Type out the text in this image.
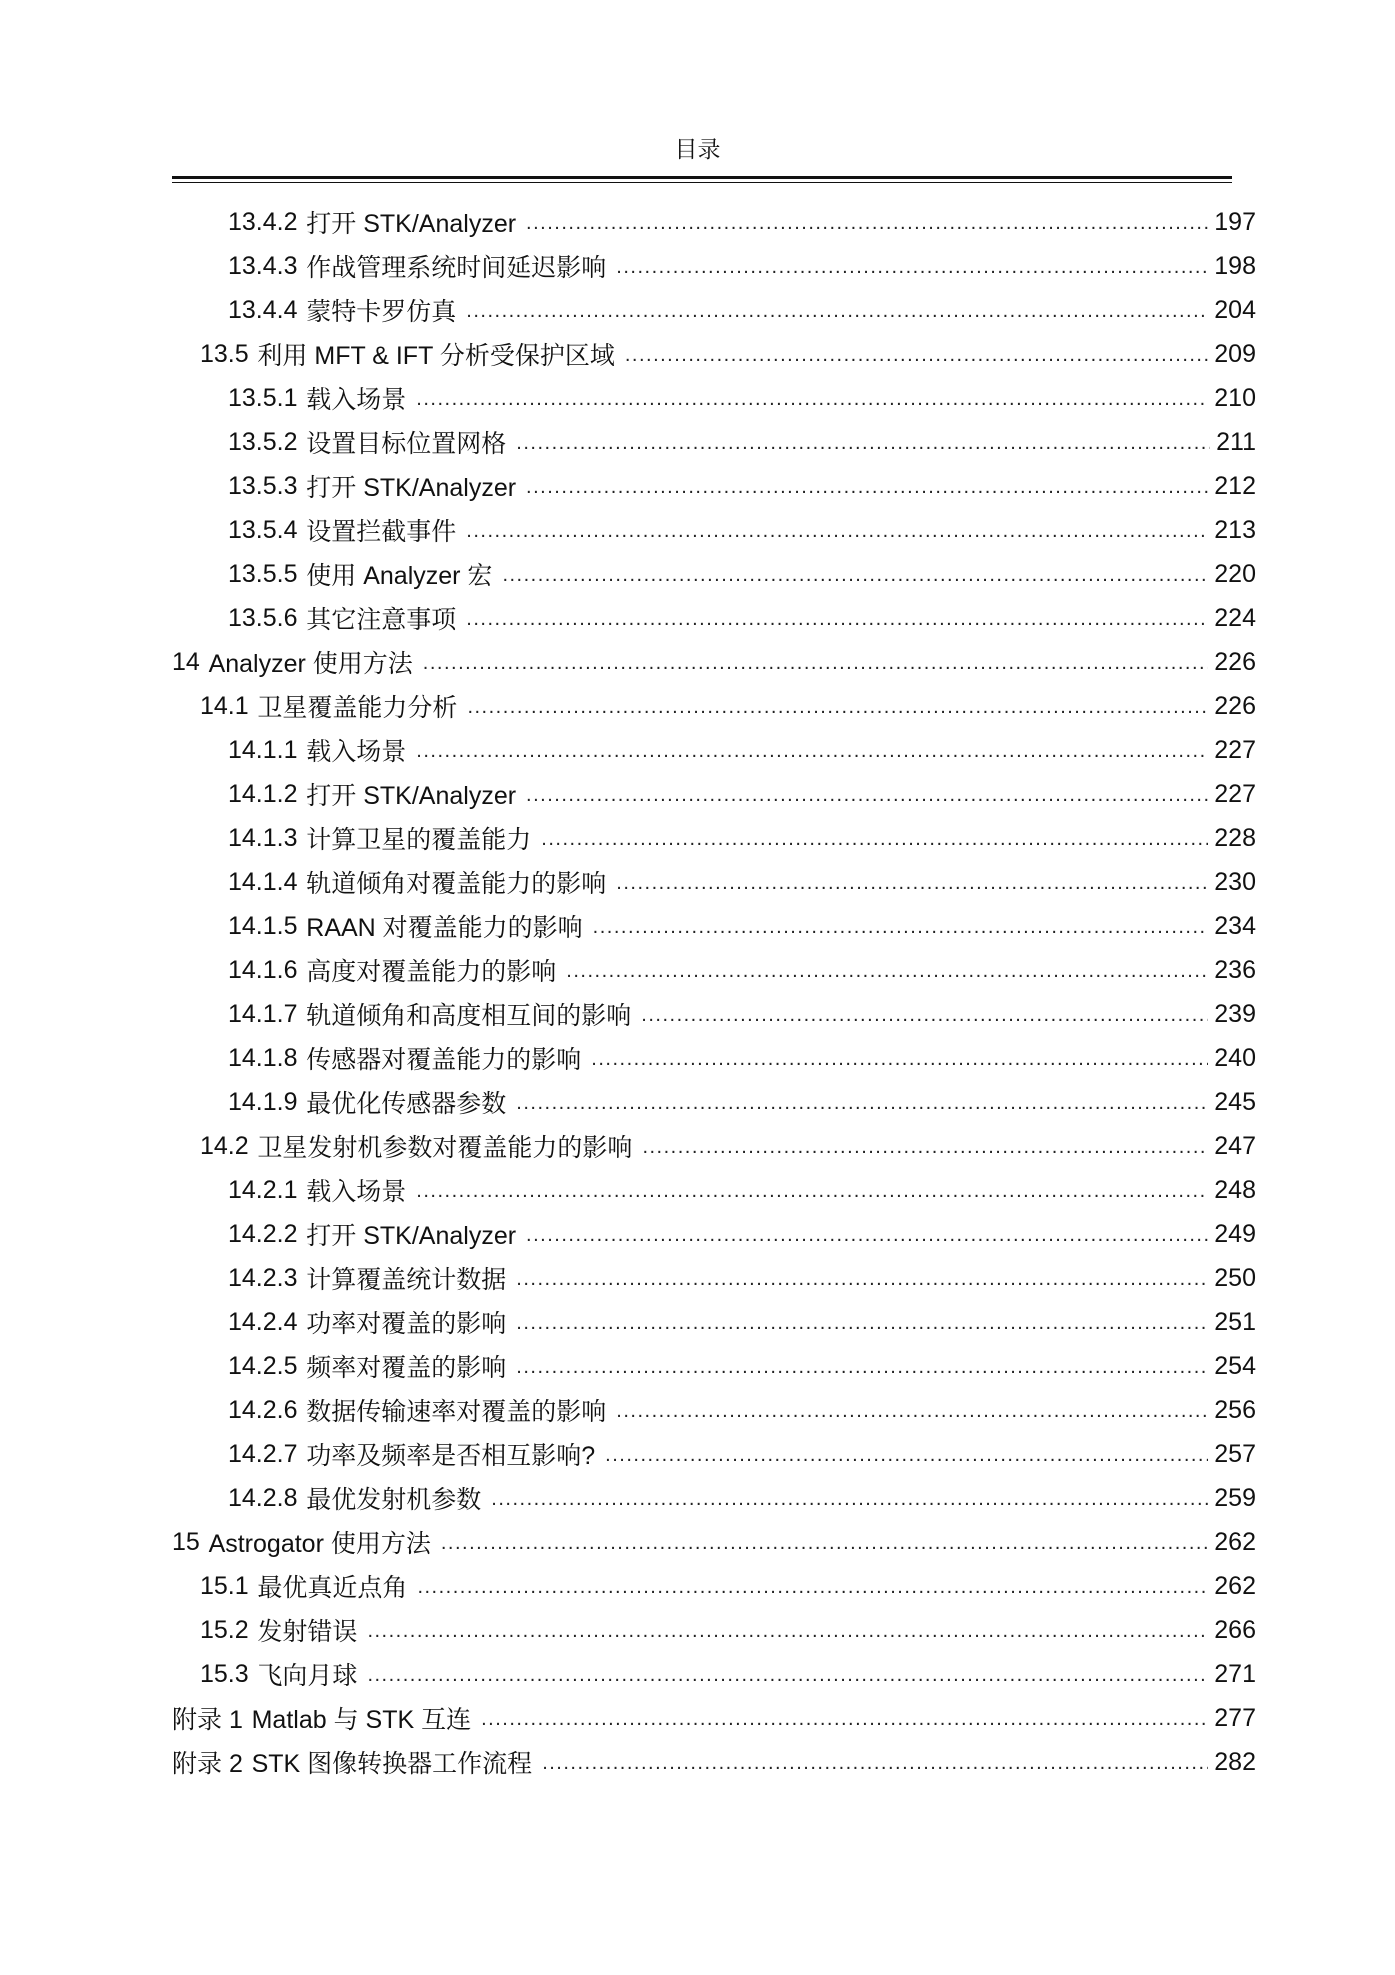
目录
13.4.2 打开 STK/Analyzer .....	197
13.4.3 作战管理系统时间延迟影响 .....	198
13.4.4 蒙特卡罗仿真 .....	204
13.5 利用 MFT & IFT 分析受保护区域 .....	209
13.5.1 载入场景 .....	210
13.5.2 设置目标位置网格 .....	211
13.5.3 打开 STK/Analyzer .....	212
13.5.4 设置拦截事件 .....	213
13.5.5 使用 Analyzer 宏 .....	220
13.5.6 其它注意事项 .....	224
14 Analyzer 使用方法 .....	226
14.1 卫星覆盖能力分析 .....	226
14.1.1 载入场景 .....	227
14.1.2 打开 STK/Analyzer .....	227
14.1.3 计算卫星的覆盖能力 .....	228
14.1.4 轨道倾角对覆盖能力的影响 .....	230
14.1.5 RAAN 对覆盖能力的影响 .....	234
14.1.6 高度对覆盖能力的影响 .....	236
14.1.7 轨道倾角和高度相互间的影响 .....	239
14.1.8 传感器对覆盖能力的影响 .....	240
14.1.9 最优化传感器参数 .....	245
14.2 卫星发射机参数对覆盖能力的影响 .....	247
14.2.1 载入场景 .....	248
14.2.2 打开 STK/Analyzer .....	249
14.2.3 计算覆盖统计数据 .....	250
14.2.4 功率对覆盖的影响 .....	251
14.2.5 频率对覆盖的影响 .....	254
14.2.6 数据传输速率对覆盖的影响 .....	256
14.2.7 功率及频率是否相互影响? .....	257
14.2.8 最优发射机参数 .....	259
15 Astrogator 使用方法 .....	262
15.1 最优真近点角 .....	262
15.2 发射错误 .....	266
15.3 飞向月球 .....	271
附录 1 Matlab 与 STK 互连 .....	277
附录 2 STK 图像转换器工作流程 .....	282
